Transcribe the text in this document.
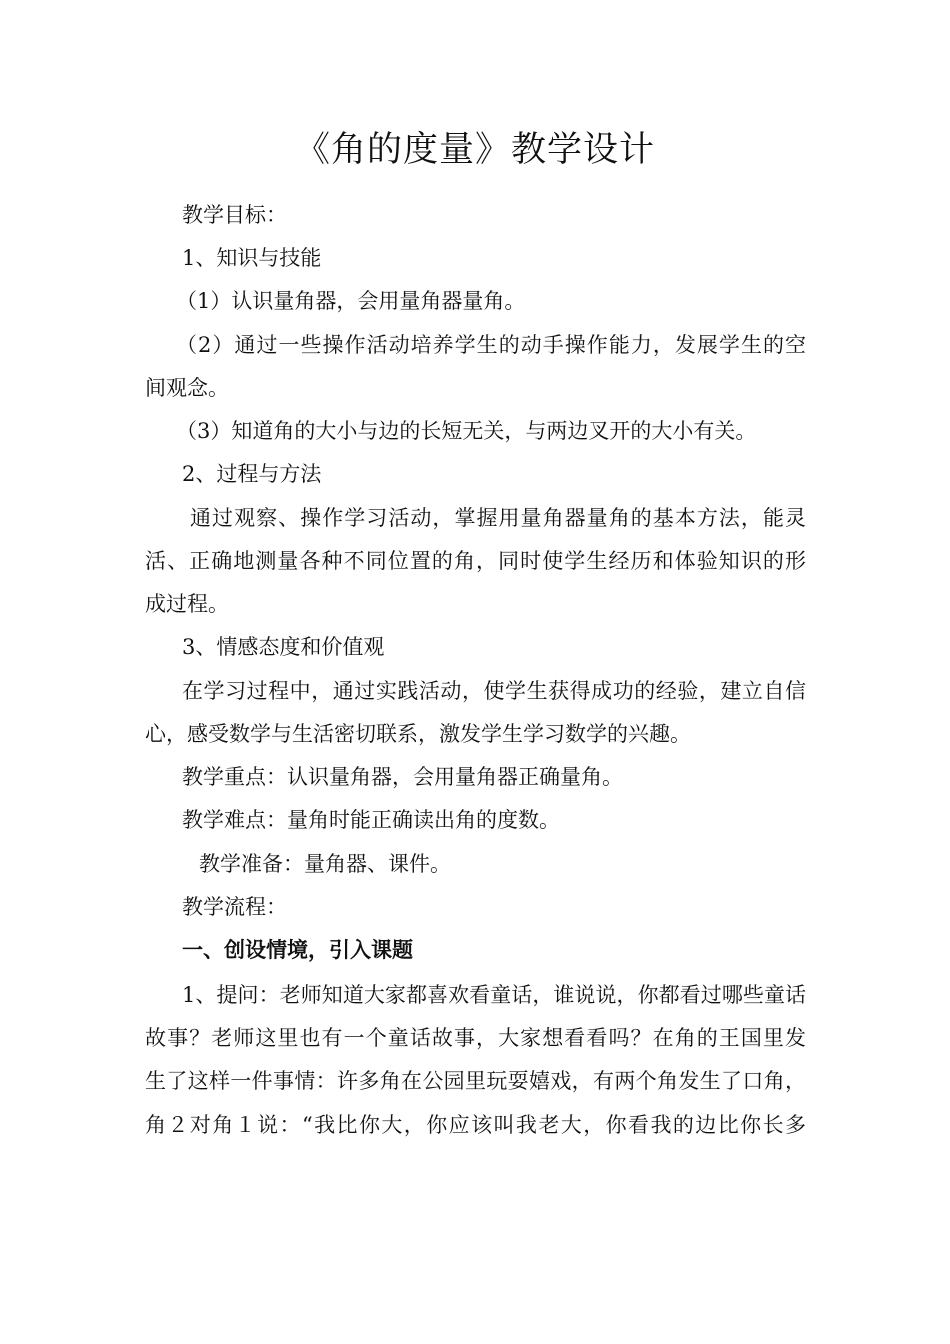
《角的度量》教学设计
教学目标：
1、知识与技能
（1）认识量角器，会用量角器量角。
（2）通过一些操作活动培养学生的动手操作能力，发展学生的空
间观念。
（3）知道角的大小与边的长短无关，与两边叉开的大小有关。
2、过程与方法
通过观察、操作学习活动，掌握用量角器量角的基本方法，能灵
活、正确地测量各种不同位置的角，同时使学生经历和体验知识的形
成过程。
3、情感态度和价值观
在学习过程中，通过实践活动，使学生获得成功的经验，建立自信
心，感受数学与生活密切联系，激发学生学习数学的兴趣。
教学重点：认识量角器，会用量角器正确量角。
教学难点：量角时能正确读出角的度数。
教学准备：量角器、课件。
教学流程：
一、创设情境，引入课题
1、提问：老师知道大家都喜欢看童话，谁说说，你都看过哪些童话
故事？老师这里也有一个童话故事，大家想看看吗？在角的王国里发
生了这样一件事情：许多角在公园里玩耍嬉戏，有两个角发生了口角，
角２对角１说：“我比你大，你应该叫我老大，你看我的边比你长多
